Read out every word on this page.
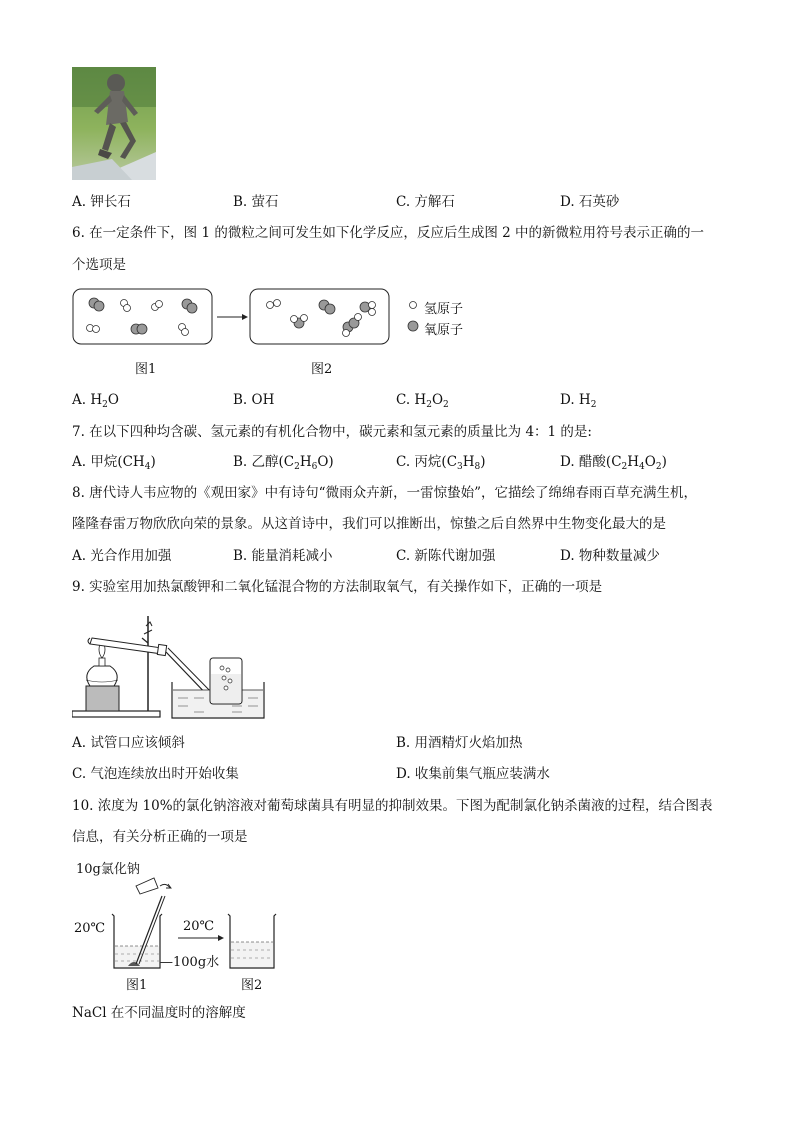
A. 钾长石	B. 萤石	C. 方解石	D. 石英砂
6. 在一定条件下，图 1 的微粒之间可发生如下化学反应，反应后生成图 2 中的新微粒用符号表示正确的一
个选项是
氢原子
氧原子
图1	图2
A. $H_2O$	B. OH	C. $H_2O_2$	D. $H_2$
7. 在以下四种均含碳、氢元素的有机化合物中，碳元素和氢元素的质量比为 4：1 的是:
A. 甲烷$(CH_4)$	B. 乙醇$(C_2H_6O)$	C. 丙烷$(C_3H_8)$	D. 醋酸$(C_2H_4O_2)$
8. 唐代诗人韦应物的《观田家》中有诗句“微雨众卉新，一雷惊蛰始”，它描绘了绵绵春雨百草充满生机，
隆隆春雷万物欣欣向荣的景象。从这首诗中，我们可以推断出，惊蛰之后自然界中生物变化最大的是
A. 光合作用加强	B. 能量消耗减小	C. 新陈代谢加强	D. 物种数量减少
9. 实验室用加热氯酸钾和二氧化锰混合物的方法制取氧气，有关操作如下，正确的一项是
A. 试管口应该倾斜	B. 用酒精灯火焰加热
C. 气泡连续放出时开始收集	D. 收集前集气瓶应装满水
10. 浓度为 10%的氯化钠溶液对葡萄球菌具有明显的抑制效果。下图为配制氯化钠杀菌液的过程，结合图表
信息，有关分析正确的一项是
10g氯化钠
20℃	20℃
—100g水
图1	图2
NaCl 在不同温度时的溶解度
